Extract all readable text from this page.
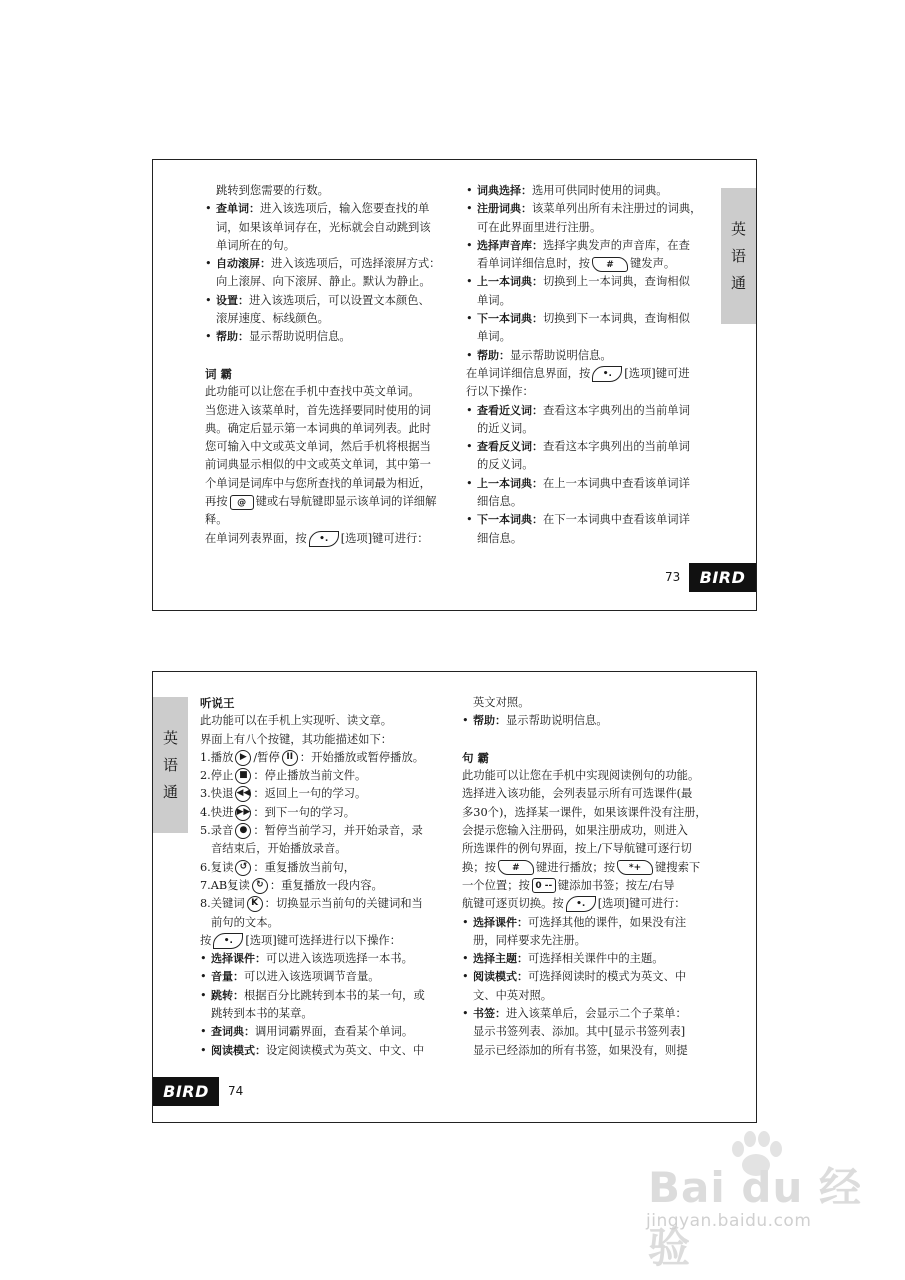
跳转到您需要的行数。
• 查单词：进入该选项后，输入您要查找的单
词，如果该单词存在，光标就会自动跳到该
单词所在的句。
• 自动滚屏：进入该选项后，可选择滚屏方式：
向上滚屏、向下滚屏、静止。默认为静止。
• 设置：进入该选项后，可以设置文本颜色、
滚屏速度、标线颜色。
• 帮助：显示帮助说明信息。
词 霸
此功能可以让您在手机中查找中英文单词。
当您进入该菜单时，首先选择要同时使用的词
典。确定后显示第一本词典的单词列表。此时
您可输入中文或英文单词，然后手机将根据当
前词典显示相似的中文或英文单词，其中第一
个单词是词库中与您所查找的单词最为相近，
再按 @ 键或右导航键即显示该单词的详细解
释。
在单词列表界面，按 •. [选项]键可进行：
• 词典选择：选用可供同时使用的词典。
• 注册词典：该菜单列出所有未注册过的词典，
可在此界面里进行注册。
• 选择声音库：选择字典发声的声音库，在查
看单词详细信息时，按 # 键发声。
• 上一本词典：切换到上一本词典，查询相似
单词。
• 下一本词典：切换到下一本词典，查询相似
单词。
• 帮助：显示帮助说明信息。
在单词详细信息界面，按 •. [选项]键可进
行以下操作：
• 查看近义词：查看这本字典列出的当前单词
的近义词。
• 查看反义词：查看这本字典列出的当前单词
的反义词。
• 上一本词典：在上一本词典中查看该单词详
细信息。
• 下一本词典：在下一本词典中查看该单词详
细信息。
英
语
通
73	BIRD
英
语
通
听说王
此功能可以在手机上实现听、读文章。
界面上有八个按键，其功能描述如下：
1.播放 ▶ /暂停 II ：开始播放或暂停播放。
2.停止 ■ ：停止播放当前文件。
3.快退 ◀◀ ：返回上一句的学习。
4.快进 ▶▶ ：到下一句的学习。
5.录音 ● ：暂停当前学习，并开始录音，录
音结束后，开始播放录音。
6.复读 ↺ ：重复播放当前句，
7.AB复读 ↻ ：重复播放一段内容。
8.关键词 K ：切换显示当前句的关键词和当
前句的文本。
按 •. [选项]键可选择进行以下操作：
• 选择课件：可以进入该选项选择一本书。
• 音量：可以进入该选项调节音量。
• 跳转：根据百分比跳转到本书的某一句，或
跳转到本书的某章。
• 查词典：调用词霸界面，查看某个单词。
• 阅读模式：设定阅读模式为英文、中文、中
英文对照。
• 帮助：显示帮助说明信息。
句 霸
此功能可以让您在手机中实现阅读例句的功能。
选择进入该功能，会列表显示所有可选课件(最
多30个)，选择某一课件，如果该课件没有注册，
会提示您输入注册码，如果注册成功，则进入
所选课件的例句界面，按上/下导航键可逐行切
换；按 # 键进行播放；按 *+ 键搜索下
一个位置；按 0 -- 键添加书签；按左/右导
航键可逐页切换。按 •. [选项]键可进行：
• 选择课件：可选择其他的课件，如果没有注
册，同样要求先注册。
• 选择主题：可选择相关课件中的主题。
• 阅读模式：可选择阅读时的模式为英文、中
文、中英对照。
• 书签：进入该菜单后，会显示二个子菜单：
显示书签列表、添加。其中[显示书签列表]
显示已经添加的所有书签，如果没有，则提
BIRD	74
Bai du 经验
jingyan.baidu.com
